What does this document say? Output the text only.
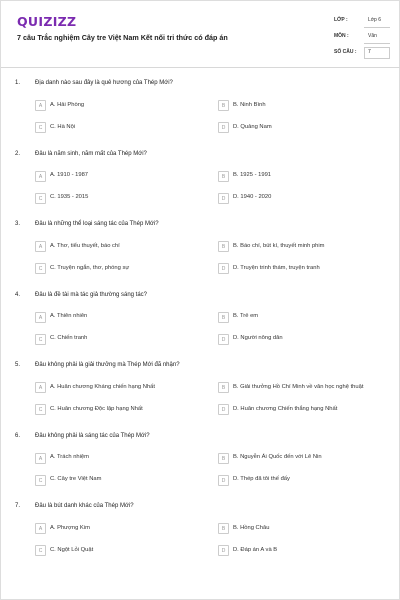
QUIZIZZ
7 câu Trắc nghiệm Cây tre Việt Nam Kết nối tri thức có đáp án
LỚP :	Lớp 6
MÔN :	Văn
SỐ CÂU : 7
1. Địa danh nào sau đây là quê hương của Thép Mới?
A	A. Hải Phòng	B	B. Ninh Bình
C	C. Hà Nội	D	D. Quảng Nam
2. Đâu là năm sinh, năm mất của Thép Mới?
A	A. 1910 - 1987	B	B. 1925 - 1991
C	C. 1935 - 2015	D	D. 1940 - 2020
3. Đâu là những thể loại sáng tác của Thép Mới?
A	A. Thơ, tiểu thuyết, báo chí	B	B. Báo chí, bút kí, thuyết minh phim
C	C. Truyện ngắn, thơ, phóng sự	D	D. Truyện trinh thám, truyện tranh
4. Đâu là đề tài mà tác giả thường sáng tác?
A	A. Thiên nhiên	B	B. Trẻ em
C	C. Chiến tranh	D	D. Người nông dân
5. Đâu không phải là giải thưởng mà Thép Mới đã nhận?
A	A. Huân chương Kháng chiến hạng Nhất	B	B. Giải thưởng Hồ Chí Minh về văn học nghệ thuật
C	C. Huân chương Độc lập hạng Nhất	D	D. Huân chương Chiến thắng hạng Nhất
6. Đâu không phải là sáng tác của Thép Mới?
A	A. Trách nhiệm	B	B. Nguyễn Ái Quốc đến với Lê Nin
C	C. Cây tre Việt Nam	D	D. Thép đã tôi thế đấy
7. Đâu là bút danh khác của Thép Mới?
A	A. Phượng Kim	B	B. Hồng Châu
C	C. Ngột Lỏi Quật	D	D. Đáp án A và B
